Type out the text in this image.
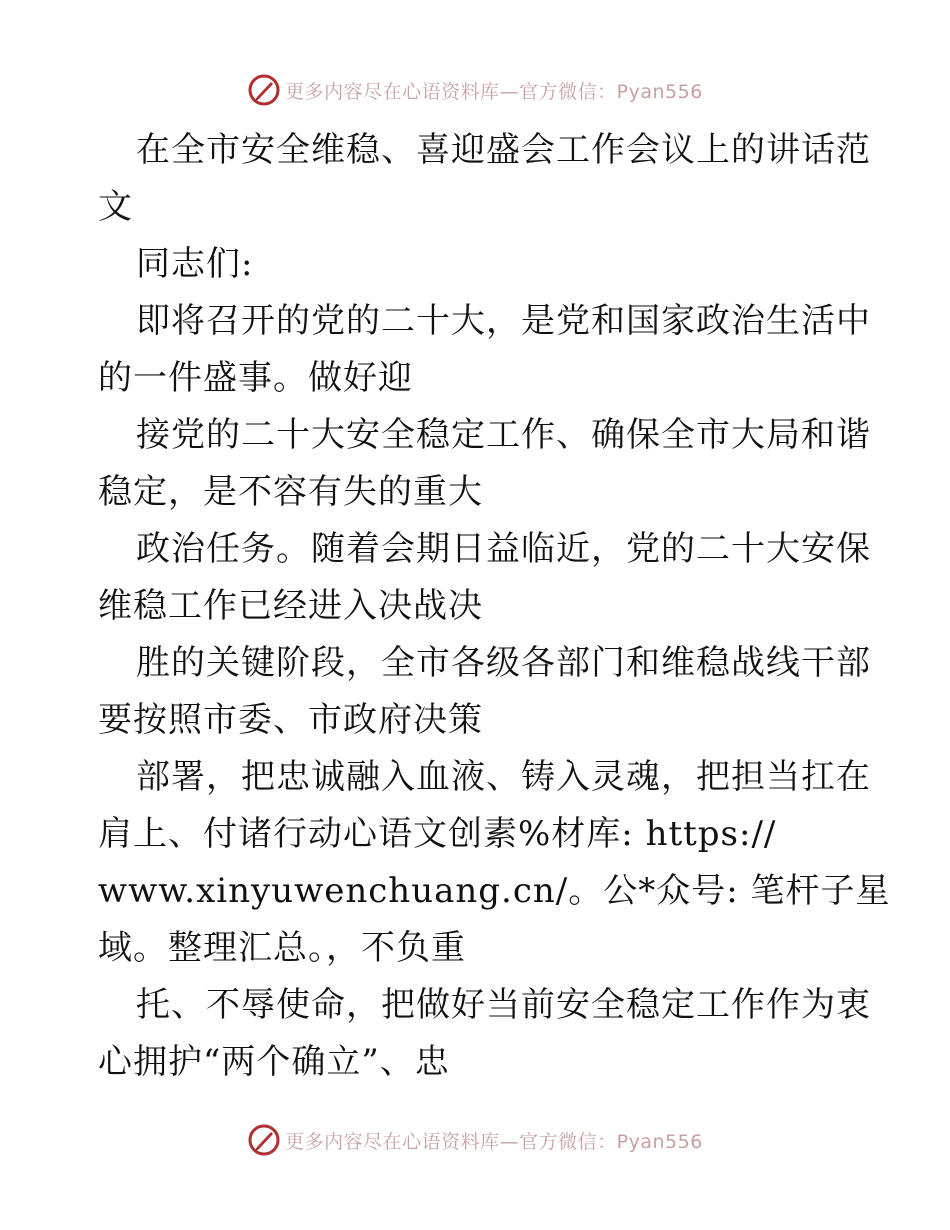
更多内容尽在心语资料库—官方微信：Pyan556
在全市安全维稳、喜迎盛会工作会议上的讲话范
文
同志们:
即将召开的党的二十大，是党和国家政治生活中
的一件盛事。做好迎
接党的二十大安全稳定工作、确保全市大局和谐
稳定，是不容有失的重大
政治任务。随着会期日益临近，党的二十大安保
维稳工作已经进入决战决
胜的关键阶段，全市各级各部门和维稳战线干部
要按照市委、市政府决策
部署，把忠诚融入血液、铸入灵魂，把担当扛在
肩上、付诸行动心语文创素%材库: https://
www.xinyuwenchuang.cn/。公*众号: 笔杆子星
域。整理汇总。，不负重
托、不辱使命，把做好当前安全稳定工作作为衷
心拥护“两个确立”、忠
更多内容尽在心语资料库—官方微信：Pyan556
